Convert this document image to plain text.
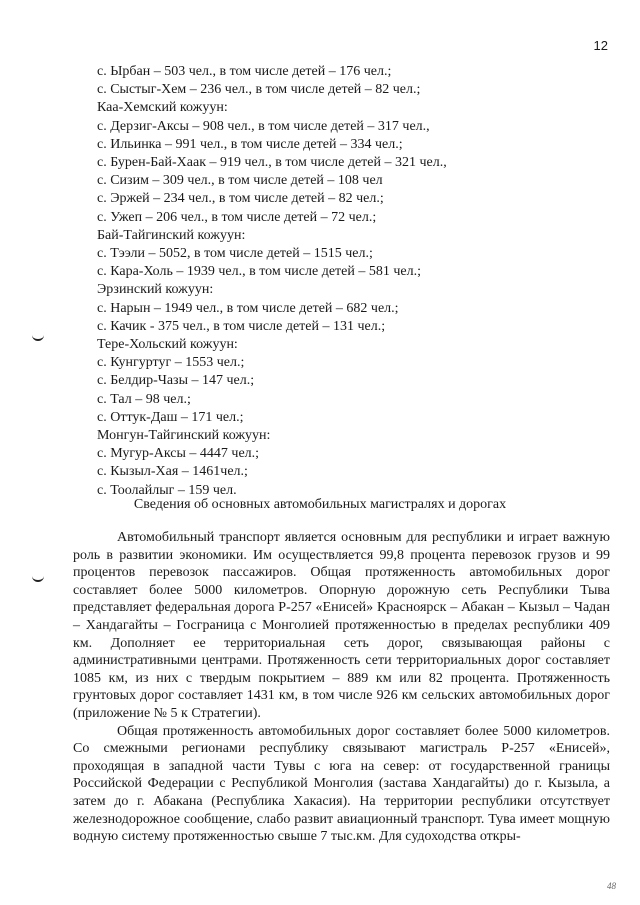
12
с. Ырбан – 503 чел., в том числе детей – 176 чел.;
с. Сыстыг-Хем – 236 чел., в том числе детей – 82 чел.;
Каа-Хемский кожуун:
с. Дерзиг-Аксы – 908 чел., в том числе детей – 317 чел.,
с. Ильинка – 991 чел., в том числе детей – 334 чел.;
с. Бурен-Бай-Хаак – 919 чел., в том числе детей – 321 чел.,
с. Сизим – 309 чел., в том числе детей – 108 чел
с. Эржей – 234 чел., в том числе детей – 82 чел.;
с. Ужеп – 206 чел., в том числе детей – 72 чел.;
Бай-Тайгинский кожуун:
с. Тээли – 5052, в том числе детей – 1515 чел.;
с. Кара-Холь – 1939 чел., в том числе детей – 581 чел.;
Эрзинский кожуун:
с. Нарын – 1949 чел., в том числе детей – 682 чел.;
с. Качик - 375 чел., в том числе детей – 131 чел.;
Тере-Хольский кожуун:
с. Кунгуртуг – 1553 чел.;
с. Белдир-Чазы – 147 чел.;
с. Тал – 98 чел.;
с. Оттук-Даш – 171 чел.;
Монгун-Тайгинский кожуун:
с. Мугур-Аксы – 4447 чел.;
с. Кызыл-Хая – 1461чел.;
с. Тоолайлыг – 159 чел.
Сведения об основных автомобильных магистралях и дорогах

Автомобильный транспорт является основным для республики и играет важную роль в развитии экономики. Им осуществляется 99,8 процента перевозок грузов и 99 процентов перевозок пассажиров. Общая протяженность автомобильных дорог составляет более 5000 километров. Опорную дорожную сеть Республики Тыва представляет федеральная дорога Р-257 «Енисей» Красноярск – Абакан – Кызыл – Чадан – Хандагайты – Госграница с Монголией протяженностью в пределах республики 409 км. Дополняет ее территориальная сеть дорог, связывающая районы с административными центрами. Протяженность сети территориальных дорог составляет 1085 км, из них с твердым покрытием – 889 км или 82 процента. Протяженность грунтовых дорог составляет 1431 км, в том числе 926 км сельских автомобильных дорог (приложение № 5 к Стратегии).

Общая протяженность автомобильных дорог составляет более 5000 километров. Со смежными регионами республику связывают магистраль Р-257 «Енисей», проходящая в западной части Тувы с юга на север: от государственной границы Российской Федерации с Республикой Монголия (застава Хандагайты) до г. Кызыла, а затем до г. Абакана (Республика Хакасия). На территории республики отсутствует железнодорожное сообщение, слабо развит авиационный транспорт. Тува имеет мощную водную систему протяженностью свыше 7 тыс.км. Для судоходства откры-

48
